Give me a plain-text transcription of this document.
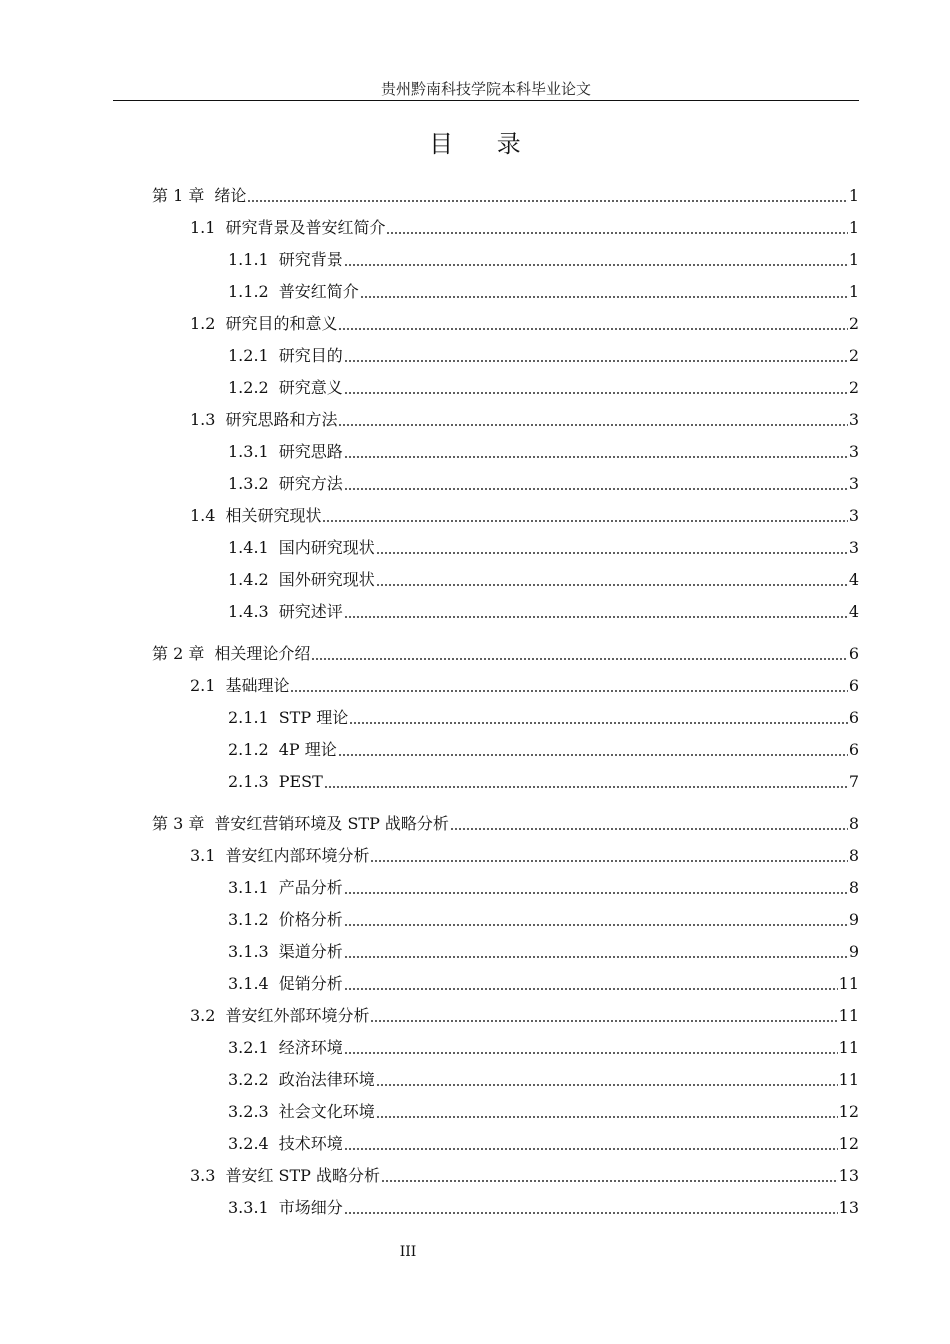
贵州黔南科技学院本科毕业论文
目 录
第 1 章 绪论	1
1.1 研究背景及普安红简介	1
1.1.1 研究背景	1
1.1.2 普安红简介	1
1.2 研究目的和意义	2
1.2.1 研究目的	2
1.2.2 研究意义	2
1.3 研究思路和方法	3
1.3.1 研究思路	3
1.3.2 研究方法	3
1.4 相关研究现状	3
1.4.1 国内研究现状	3
1.4.2 国外研究现状	4
1.4.3 研究述评	4
第 2 章 相关理论介绍	6
2.1 基础理论	6
2.1.1 STP 理论	6
2.1.2 4P 理论	6
2.1.3 PEST	7
第 3 章 普安红营销环境及 STP 战略分析	8
3.1 普安红内部环境分析	8
3.1.1 产品分析	8
3.1.2 价格分析	9
3.1.3 渠道分析	9
3.1.4 促销分析	11
3.2 普安红外部环境分析	11
3.2.1 经济环境	11
3.2.2 政治法律环境	11
3.2.3 社会文化环境	12
3.2.4 技术环境	12
3.3 普安红 STP 战略分析	13
3.3.1 市场细分	13
III
